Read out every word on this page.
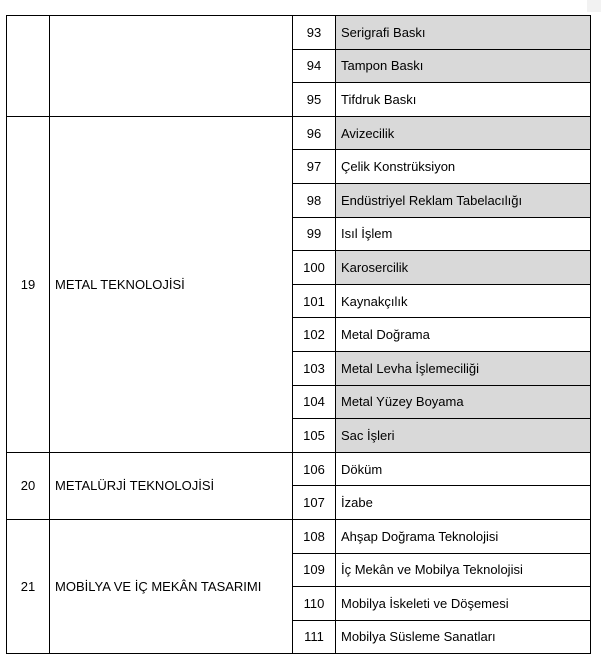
		93	Serigrafi Baskı
		94	Tampon Baskı
		95	Tifdruk Baskı
19	METAL TEKNOLOJİSİ	96	Avizecilik
		97	Çelik Konstrüksiyon
		98	Endüstriyel Reklam Tabelacılığı
		99	Isıl İşlem
		100	Karosercilik
		101	Kaynakçılık
		102	Metal Doğrama
		103	Metal Levha İşlemeciliği
		104	Metal Yüzey Boyama
		105	Sac İşleri
20	METALÜRJİ TEKNOLOJİSİ	106	Döküm
		107	İzabe
21	MOBİLYA VE İÇ MEKÂN TASARIMI	108	Ahşap Doğrama Teknolojisi
		109	İç Mekân ve Mobilya Teknolojisi
		110	Mobilya İskeleti ve Döşemesi
		111	Mobilya Süsleme Sanatları
